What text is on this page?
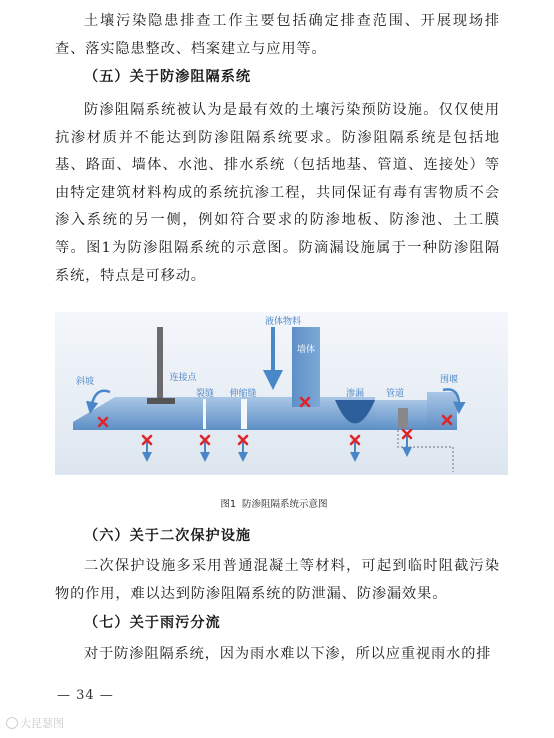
土壤污染隐患排查工作主要包括确定排查范围、开展现场排查、落实隐患整改、档案建立与应用等。

（五）关于防渗阻隔系统

防渗阻隔系统被认为是最有效的土壤污染预防设施。仅仅使用抗渗材质并不能达到防渗阻隔系统要求。防渗阻隔系统是包括地基、路面、墙体、水池、排水系统（包括地基、管道、连接处）等由特定建筑材料构成的系统抗渗工程，共同保证有毒有害物质不会渗入系统的另一侧，例如符合要求的防渗地板、防渗池、土工膜等。图1为防渗阻隔系统的示意图。防滴漏设施属于一种防渗阻隔系统，特点是可移动。

墙体
液体物料
斜坡	连接点
裂缝 伸缩缝	渗漏 管道
围堰
图1 防渗阻隔系统示意图

（六）关于二次保护设施

二次保护设施多采用普通混凝土等材料，可起到临时阻截污染物的作用，难以达到防渗阻隔系统的防泄漏、防渗漏效果。

（七）关于雨污分流

对于防渗阻隔系统，因为雨水难以下渗，所以应重视雨水的排

— 34 —
大昆瑟图
